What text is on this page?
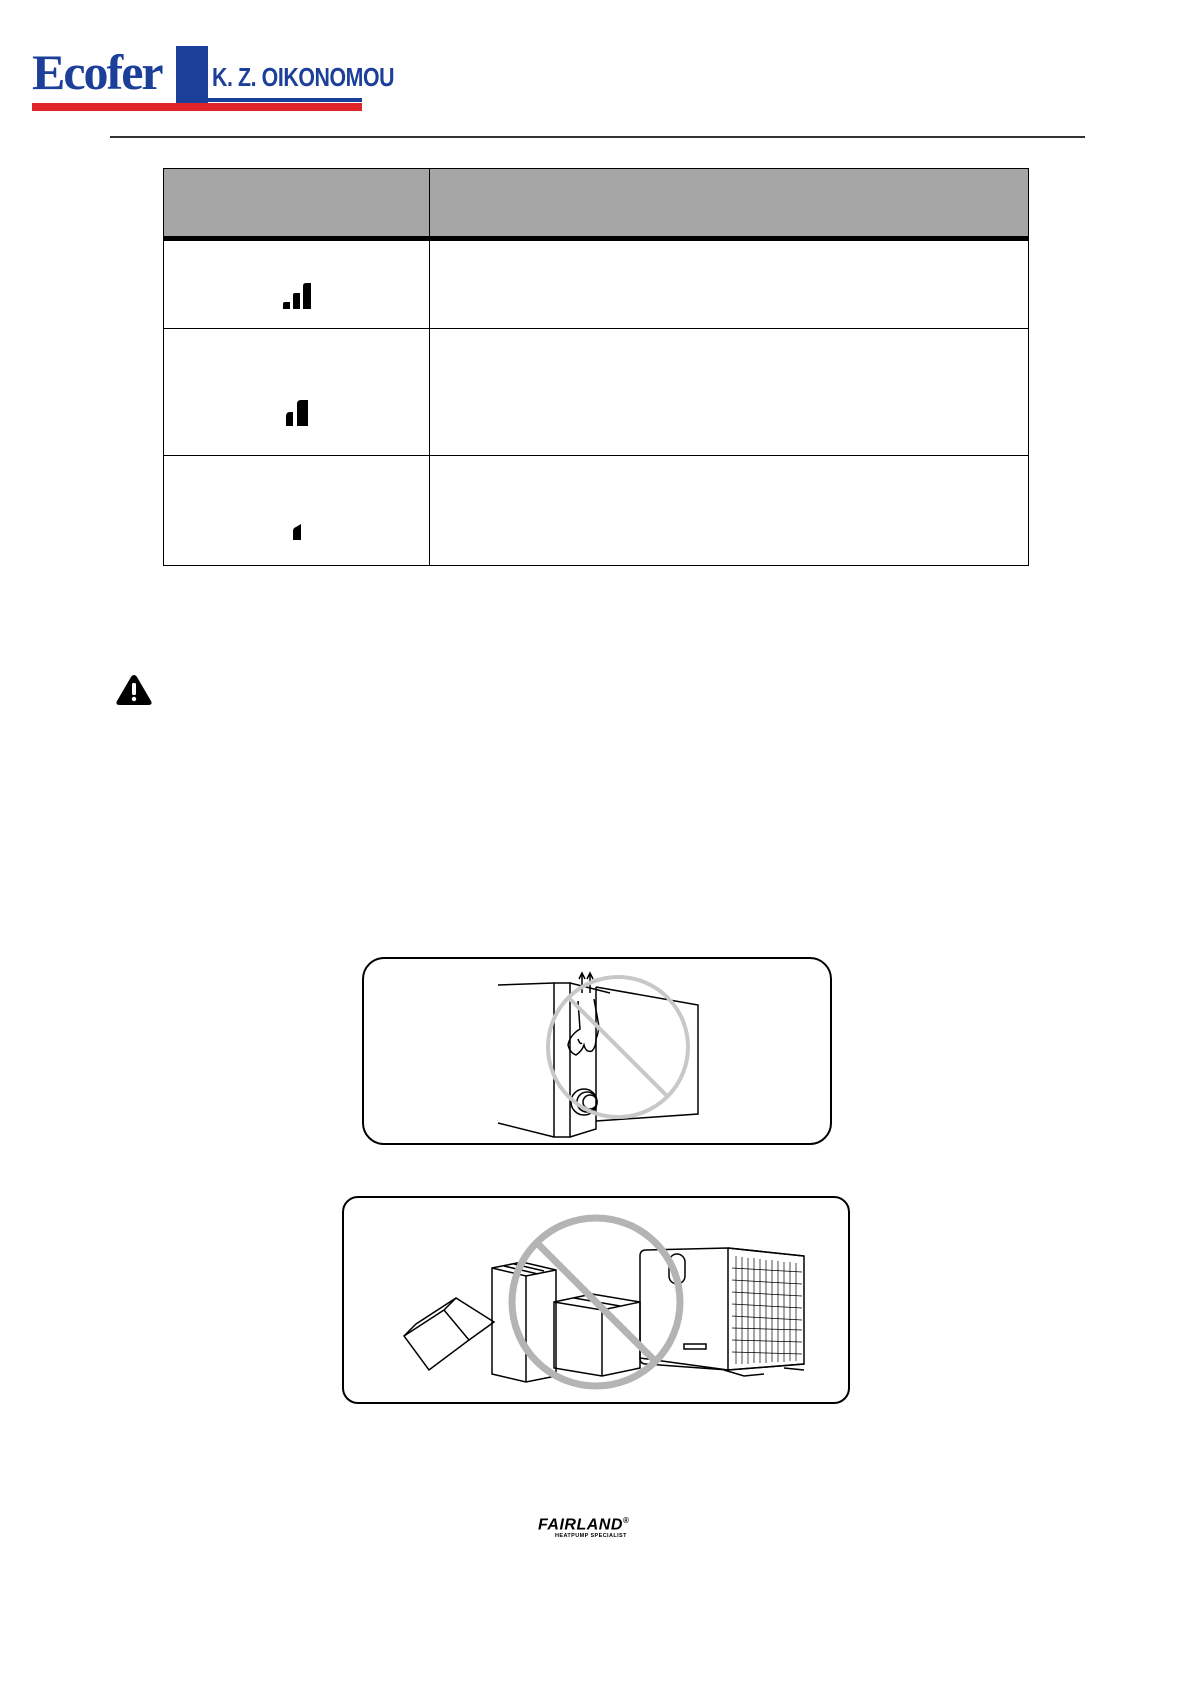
Ecofer K. Z. OIKONOMOU

FAIRLAND®
HEATPUMP SPECIALIST
